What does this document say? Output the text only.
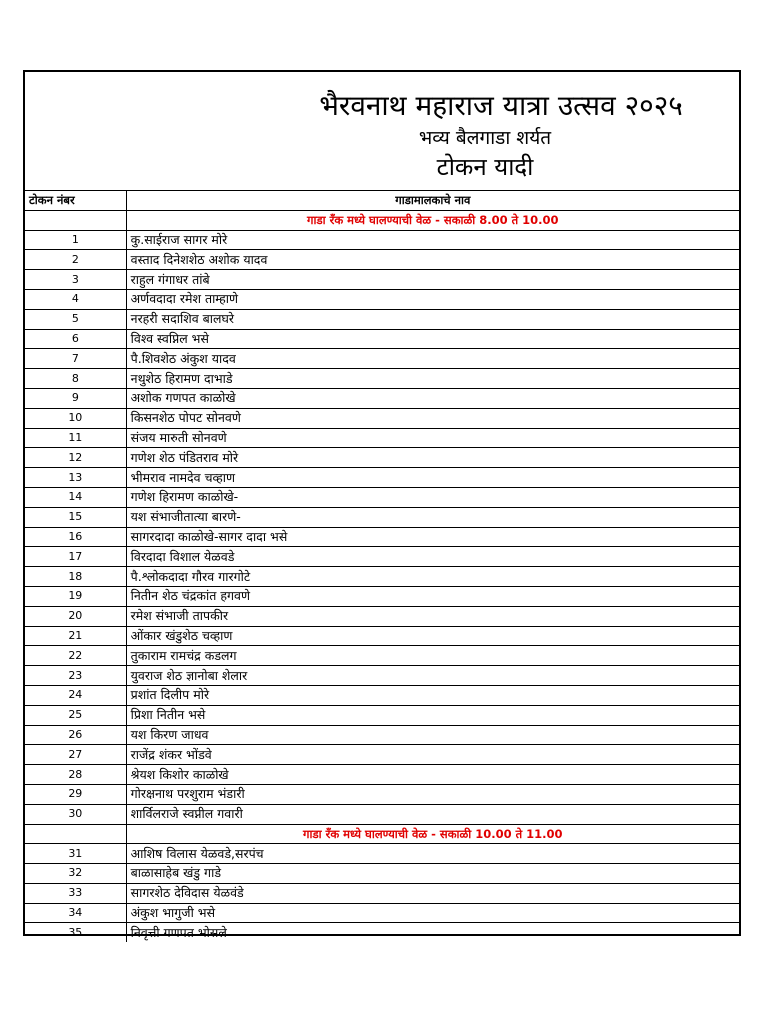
भैरवनाथ महाराज यात्रा उत्सव २०२५
भव्य बैलगाडा शर्यत
टोकन यादी
टोकन नंबर	गाडामालकाचे नाव
	गाडा रँक मध्ये घालण्याची वेळ - सकाळी 8.00 ते 10.00
1	कु.साईराज सागर मोरे
2	वस्ताद दिनेशशेठ अशोक यादव
3	राहुल गंगाधर तांबे
4	अर्णवदादा रमेश ताम्हाणे
5	नरहरी सदाशिव बालघरे
6	विश्व स्वप्निल भसे
7	पै.शिवशेठ अंकुश यादव
8	नथुशेठ हिरामण दाभाडे
9	अशोक गणपत काळोखे
10	किसनशेठ पोपट सोनवणे
11	संजय मारुती सोनवणे
12	गणेश शेठ पंडितराव मोरे
13	भीमराव नामदेव चव्हाण
14	गणेश हिरामण काळोखे-
15	यश संभाजीतात्या बारणे-
16	सागरदादा काळोखे-सागर दादा भसे
17	विरदादा विशाल येळवडे
18	पै.श्लोकदादा गौरव गारगोटे
19	नितीन शेठ चंद्रकांत हगवणे
20	रमेश संभाजी तापकीर
21	ओंकार खंडुशेठ चव्हाण
22	तुकाराम रामचंद्र कडलग
23	युवराज शेठ ज्ञानोबा शेलार
24	प्रशांत दिलीप मोरे
25	प्रिशा नितीन भसे
26	यश किरण जाधव
27	राजेंद्र शंकर भोंडवे
28	श्रेयश किशोर काळोखे
29	गोरक्षनाथ परशुराम भंडारी
30	शार्विलराजे स्वप्नील गवारी
	गाडा रँक मध्ये घालण्याची वेळ - सकाळी 10.00 ते 11.00
31	आशिष विलास येळवडे,सरपंच
32	बाळासाहेब खंडु गाडे
33	सागरशेठ देविदास येळवंडे
34	अंकुश भागुजी भसे
35	निवृत्ती गणपत भोसले
